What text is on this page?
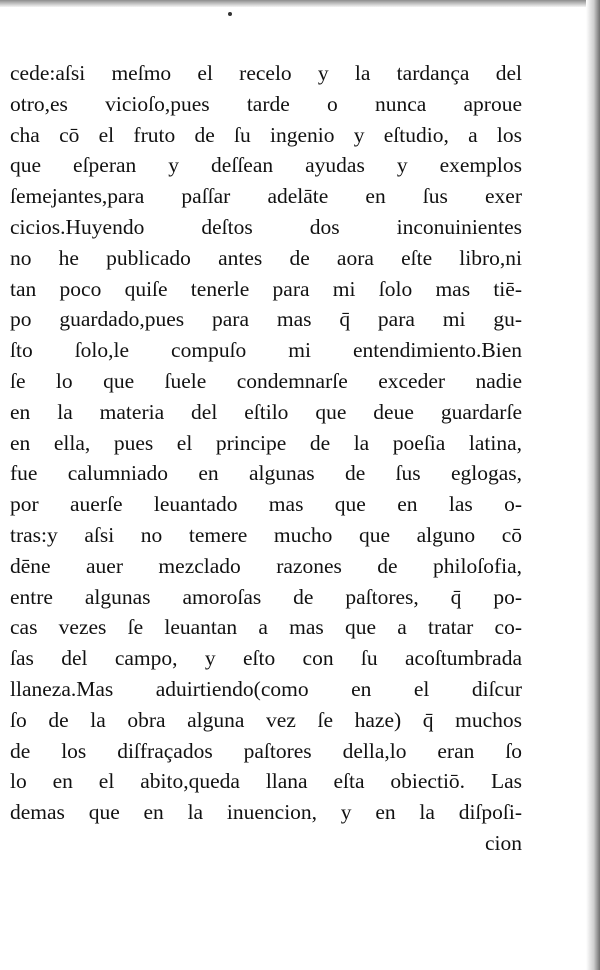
cede:aſsi meſmo el recelo y la tardança del
otro,es vicioſo,pues tarde o nunca aproue
cha cō el fruto de ſu ingenio y eſtudio, a los
que eſperan y deſſean ayudas y exemplos
ſemejantes,para paſſar adelāte en ſus exer
cicios.Huyendo deſtos dos inconuinientes
no he publicado antes de aora eſte libro,ni
tan poco quiſe tenerle para mi ſolo mas tiē-
po guardado,pues para mas q̄ para mi gu-
ſto ſolo,le compuſo mi entendimiento.Bien
ſe lo que ſuele condemnarſe exceder nadie
en la materia del eſtilo que deue guardarſe
en ella, pues el principe de la poeſia latina,
fue calumniado en algunas de ſus eglogas,
por auerſe leuantado mas que en las o-
tras:y aſsi no temere mucho que alguno cō
dēne auer mezclado razones de philoſofia,
entre algunas amoroſas de paſtores, q̄ po-
cas vezes ſe leuantan a mas que a tratar co-
ſas del campo, y eſto con ſu acoſtumbrada
llaneza.Mas aduirtiendo(como en el diſcur
ſo de la obra alguna vez ſe haze) q̄ muchos
de los diſfraçados paſtores della,lo eran ſo
lo en el abito,queda llana eſta obiectiō. Las
demas que en la inuencion, y en la diſpoſi-
cion
